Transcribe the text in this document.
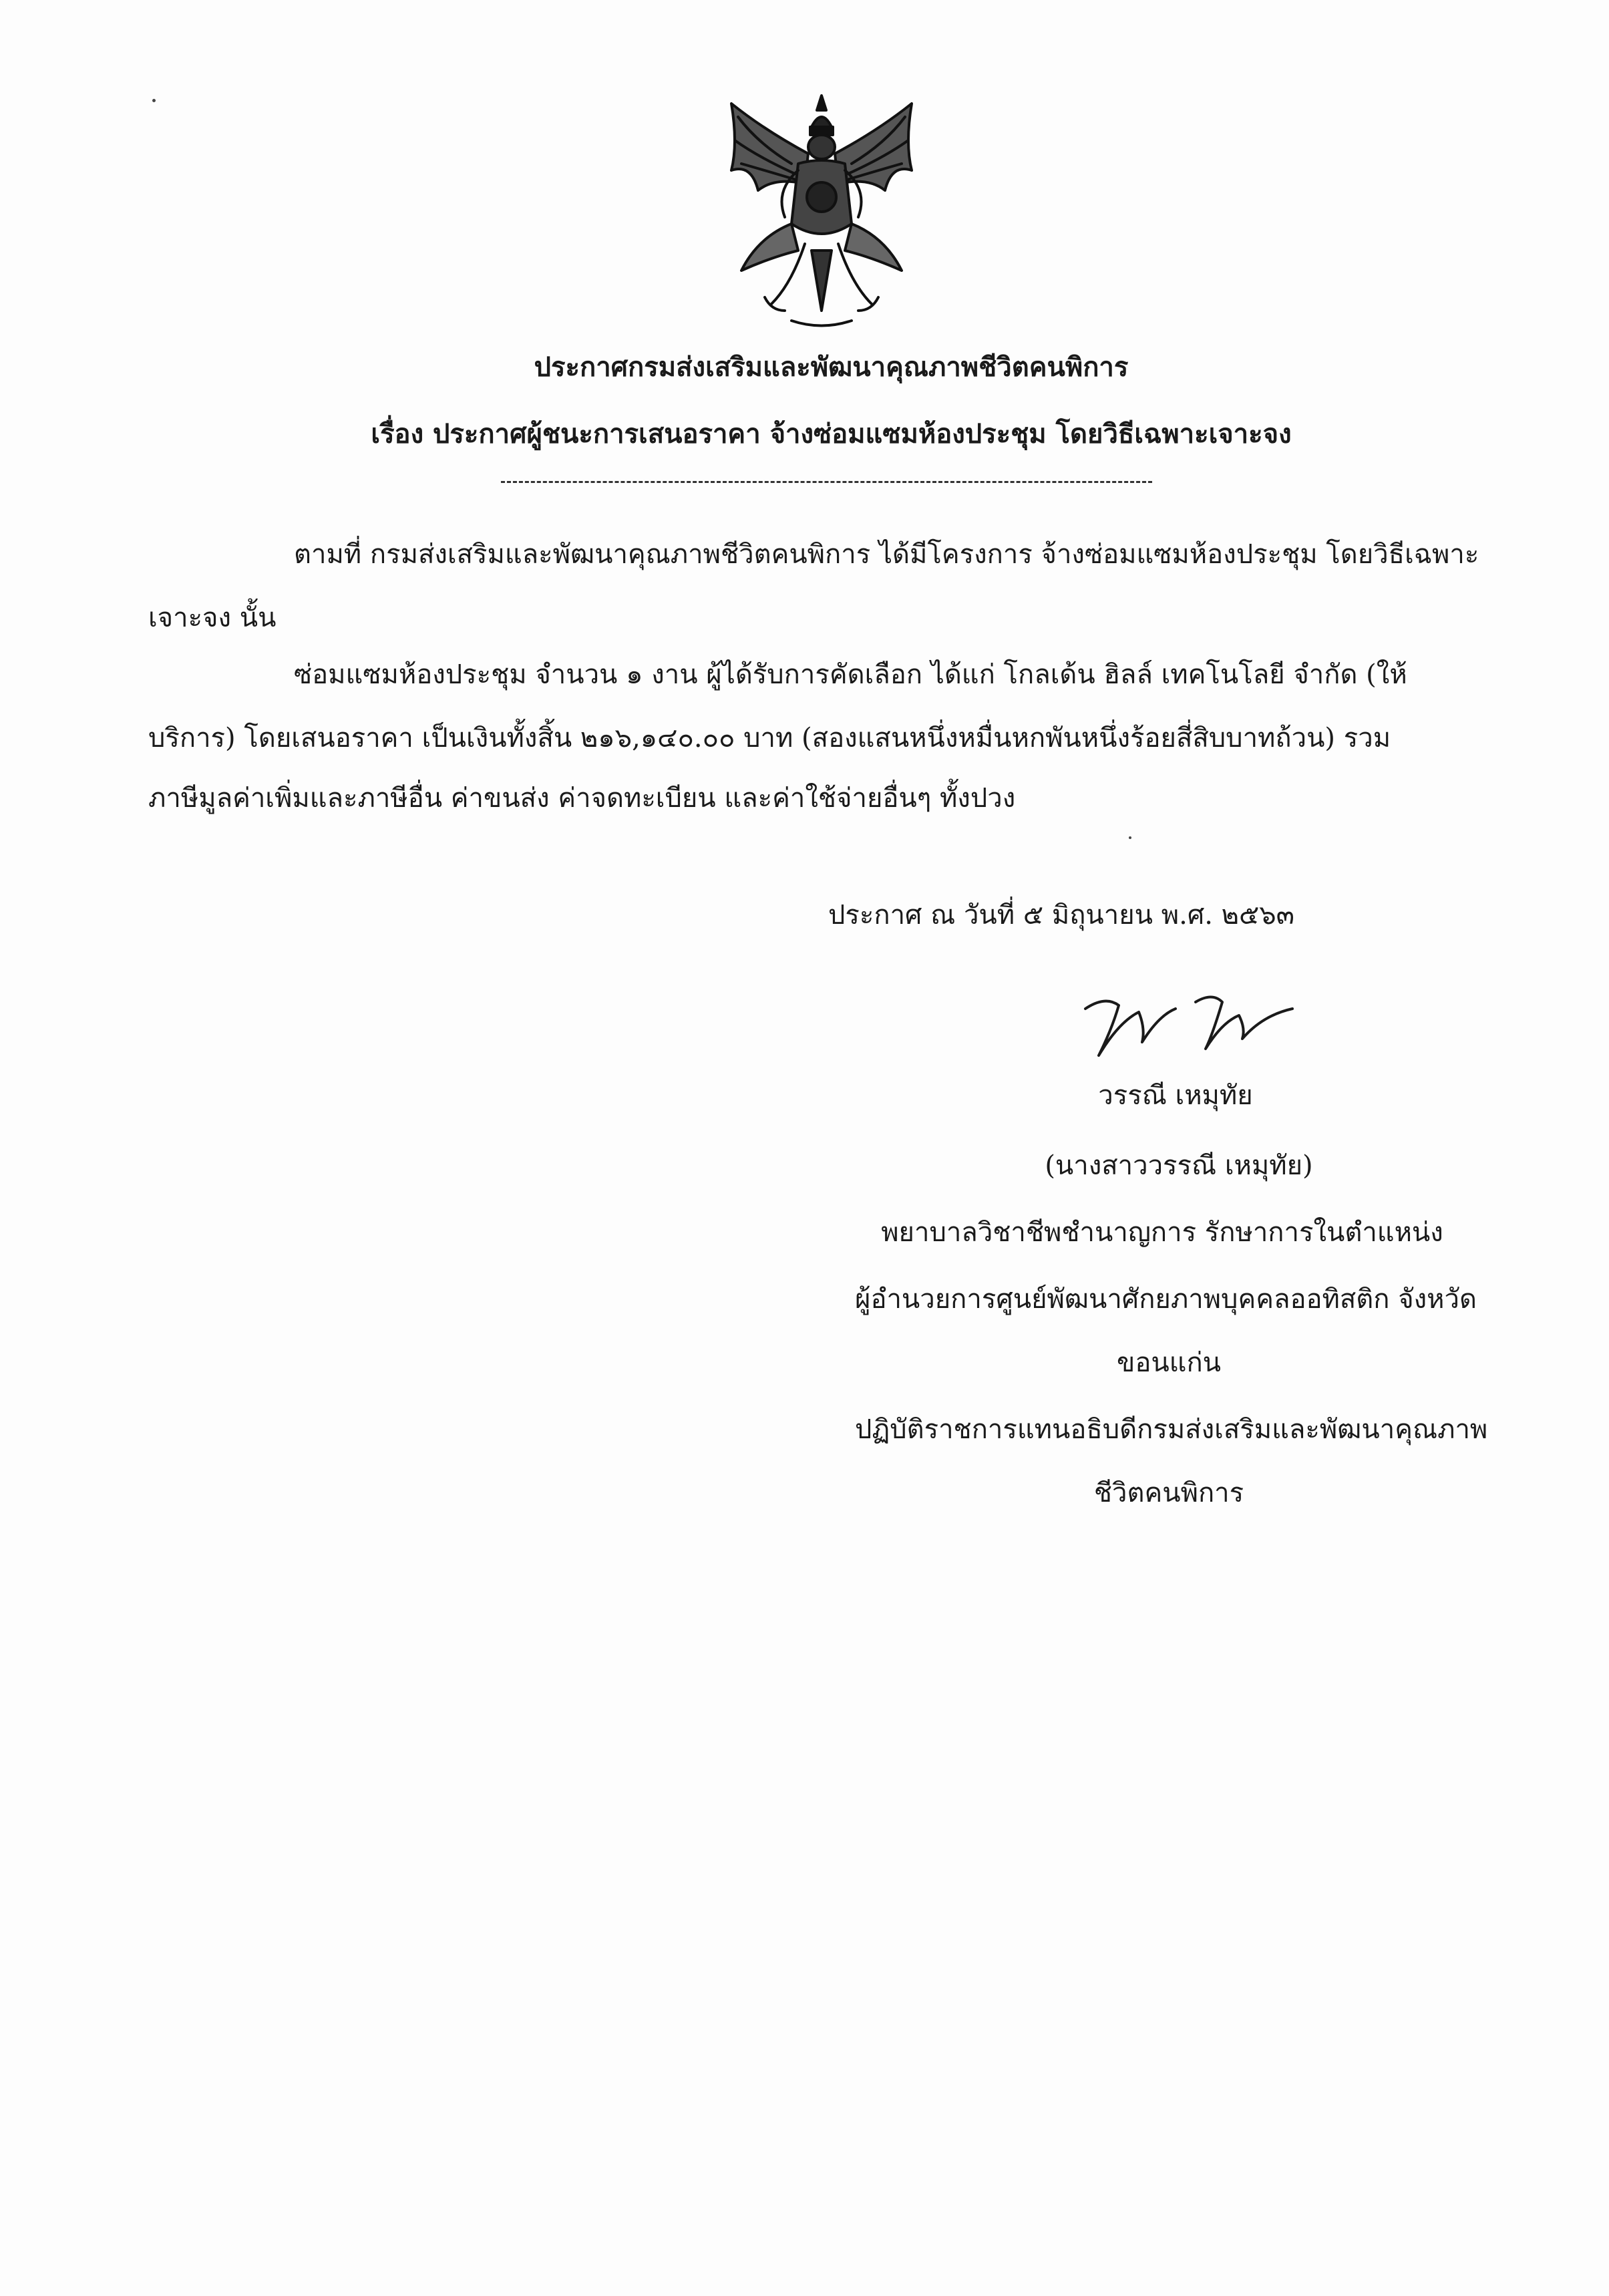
ประกาศกรมส่งเสริมและพัฒนาคุณภาพชีวิตคนพิการ
เรื่อง ประกาศผู้ชนะการเสนอราคา จ้างซ่อมแซมห้องประชุม โดยวิธีเฉพาะเจาะจง
ตามที่ กรมส่งเสริมและพัฒนาคุณภาพชีวิตคนพิการ ได้มีโครงการ จ้างซ่อมแซมห้องประชุม โดยวิธีเฉพาะ
เจาะจง นั้น
ซ่อมแซมห้องประชุม จำนวน ๑ งาน ผู้ได้รับการคัดเลือก ได้แก่ โกลเด้น ฮิลล์ เทคโนโลยี จำกัด (ให้
บริการ) โดยเสนอราคา เป็นเงินทั้งสิ้น ๒๑๖,๑๔๐.๐๐ บาท (สองแสนหนึ่งหมื่นหกพันหนึ่งร้อยสี่สิบบาทถ้วน) รวม
ภาษีมูลค่าเพิ่มและภาษีอื่น ค่าขนส่ง ค่าจดทะเบียน และค่าใช้จ่ายอื่นๆ ทั้งปวง
ประกาศ ณ วันที่ ๕ มิถุนายน พ.ศ. ๒๕๖๓
วรรณี เหมุทัย
(นางสาววรรณี เหมุทัย)
พยาบาลวิชาชีพชำนาญการ รักษาการในตำแหน่ง
ผู้อำนวยการศูนย์พัฒนาศักยภาพบุคคลออทิสติก จังหวัด
ขอนแก่น
ปฏิบัติราชการแทนอธิบดีกรมส่งเสริมและพัฒนาคุณภาพ
ชีวิตคนพิการ
